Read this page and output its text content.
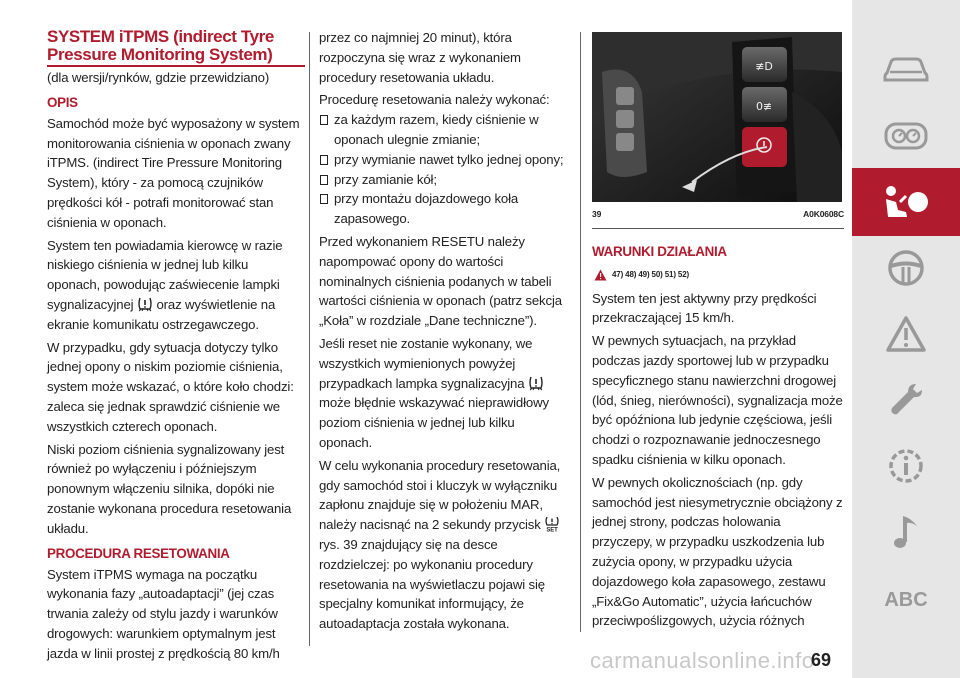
SYSTEM iTPMS (indirect Tyre
Pressure Monitoring System)

(dla wersji/rynków, gdzie przewidziano)

OPIS

Samochód może być wyposażony w system monitorowania ciśnienia w oponach zwany iTPMS. (indirect Tire Pressure Monitoring System), który - za pomocą czujników prędkości kół - potrafi monitorować stan ciśnienia w oponach.

System ten powiadamia kierowcę w razie niskiego ciśnienia w jednej lub kilku oponach, powodując zaświecenie lampki sygnalizacyjnej oraz wyświetlenie na ekranie komunikatu ostrzegawczego.

W przypadku, gdy sytuacja dotyczy tylko jednej opony o niskim poziomie ciśnienia, system może wskazać, o które koło chodzi: zaleca się jednak sprawdzić ciśnienie we wszystkich czterech oponach.

Niski poziom ciśnienia sygnalizowany jest również po wyłączeniu i późniejszym ponownym włączeniu silnika, dopóki nie zostanie wykonana procedura resetowania układu.

PROCEDURA RESETOWANIA

System iTPMS wymaga na początku wykonania fazy „autoadaptacji” (jej czas trwania zależy od stylu jazdy i warunków drogowych: warunkiem optymalnym jest jazda w linii prostej z prędkością 80 km/h

przez co najmniej 20 minut), która rozpoczyna się wraz z wykonaniem procedury resetowania układu.

Procedurę resetowania należy wykonać:

za każdym razem, kiedy ciśnienie w oponach ulegnie zmianie;
przy wymianie nawet tylko jednej opony;
przy zamianie kół;
przy montażu dojazdowego koła zapasowego.

Przed wykonaniem RESETU należy napompować opony do wartości nominalnych ciśnienia podanych w tabeli wartości ciśnienia w oponach (patrz sekcja „Koła” w rozdziale „Dane techniczne”).

Jeśli reset nie zostanie wykonany, we wszystkich wymienionych powyżej przypadkach lampka sygnalizacyjna  może błędnie wskazywać nieprawidłowy poziom ciśnienia w jednej lub kilku oponach.

W celu wykonania procedury resetowania, gdy samochód stoi i kluczyk w wyłączniku zapłonu znajduje się w położeniu MAR, należy nacisnąć na 2 sekundy przycisk SET
rys. 39 znajdujący się na desce rozdzielczej: po wykonaniu procedury resetowania na wyświetlaczu pojawi się specjalny komunikat informujący, że autoadaptacja została wykonana.

≢D
0≢
39	A0K0608C
WARUNKI DZIAŁANIA
47) 48) 49) 50) 51) 52)

System ten jest aktywny przy prędkości przekraczającej 15 km/h.

W pewnych sytuacjach, na przykład podczas jazdy sportowej lub w przypadku specyficznego stanu nawierzchni drogowej (lód, śnieg, nierówności), sygnalizacja może być opóźniona lub jedynie częściowa, jeśli chodzi o rozpoznawanie jednoczesnego spadku ciśnienia w kilku oponach.

W pewnych okolicznościach (np. gdy samochód jest niesymetrycznie obciążony z jednej strony, podczas holowania przyczepy, w przypadku uszkodzenia lub zużycia opony, w przypadku użycia dojazdowego koła zapasowego, zestawu „Fix&Go Automatic”, użycia łańcuchów przeciwpoślizgowych, użycia różnych

ABC
carmanualsonline.info
69
